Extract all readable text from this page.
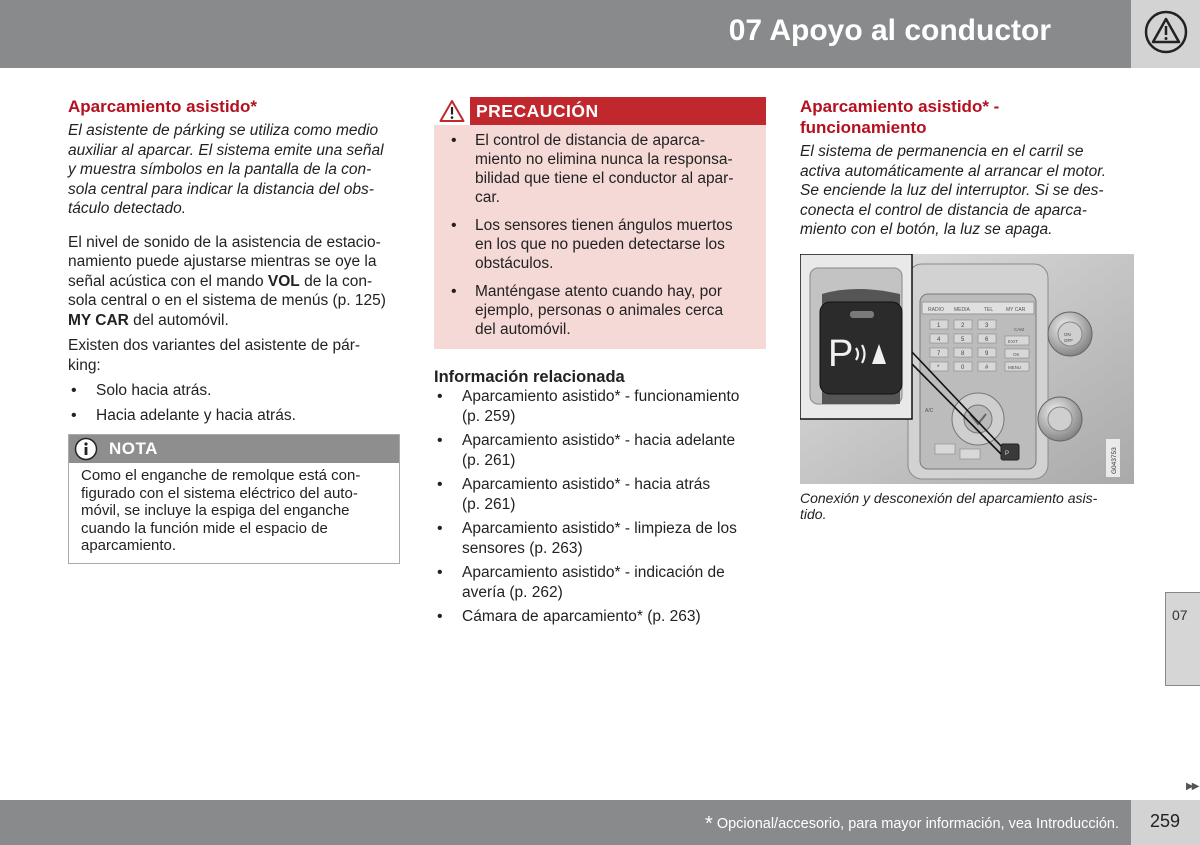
07 Apoyo al conductor
Aparcamiento asistido*

El asistente de párking se utiliza como medio
auxiliar al aparcar. El sistema emite una señal
y muestra símbolos en la pantalla de la con-
sola central para indicar la distancia del obs-
táculo detectado.

El nivel de sonido de la asistencia de estacio-
namiento puede ajustarse mientras se oye la
señal acústica con el mando VOL de la con-
sola central o en el sistema de menús (p. 125)
MY CAR del automóvil.

Existen dos variantes del asistente de pár-
king:

• Solo hacia atrás.
• Hacia adelante y hacia atrás.
NOTA
Como el enganche de remolque está con-
figurado con el sistema eléctrico del auto-
móvil, se incluye la espiga del enganche
cuando la función mide el espacio de
aparcamiento.
PRECAUCIÓN
• El control de distancia de aparca-
miento no elimina nunca la responsa-
bilidad que tiene el conductor al apar-
car.
• Los sensores tienen ángulos muertos
en los que no pueden detectarse los
obstáculos.
• Manténgase atento cuando hay, por
ejemplo, personas o animales cerca
del automóvil.
Información relacionada
• Aparcamiento asistido* - funcionamiento
(p. 259)
• Aparcamiento asistido* - hacia adelante
(p. 261)
• Aparcamiento asistido* - hacia atrás
(p. 261)
• Aparcamiento asistido* - limpieza de los
sensores (p. 263)
• Aparcamiento asistido* - indicación de
avería (p. 262)
• Cámara de aparcamiento* (p. 263)
Aparcamiento asistido* -
funcionamiento

El sistema de permanencia en el carril se
activa automáticamente al arrancar el motor.
Se enciende la luz del interruptor. Si se des-
conecta el control de distancia de aparca-
miento con el botón, la luz se apaga.

RADIO MEDIA	TEL	MY CAR
CAM
1	2	3
4	5	6
7	8	9
*	0	#
EXIT
OK
MENU
A/C
P
ON
OFF
P
G043753
Conexión y desconexión del aparcamiento asis-
tido.
07
▶▶
* Opcional/accesorio, para mayor información, vea Introducción. 259
